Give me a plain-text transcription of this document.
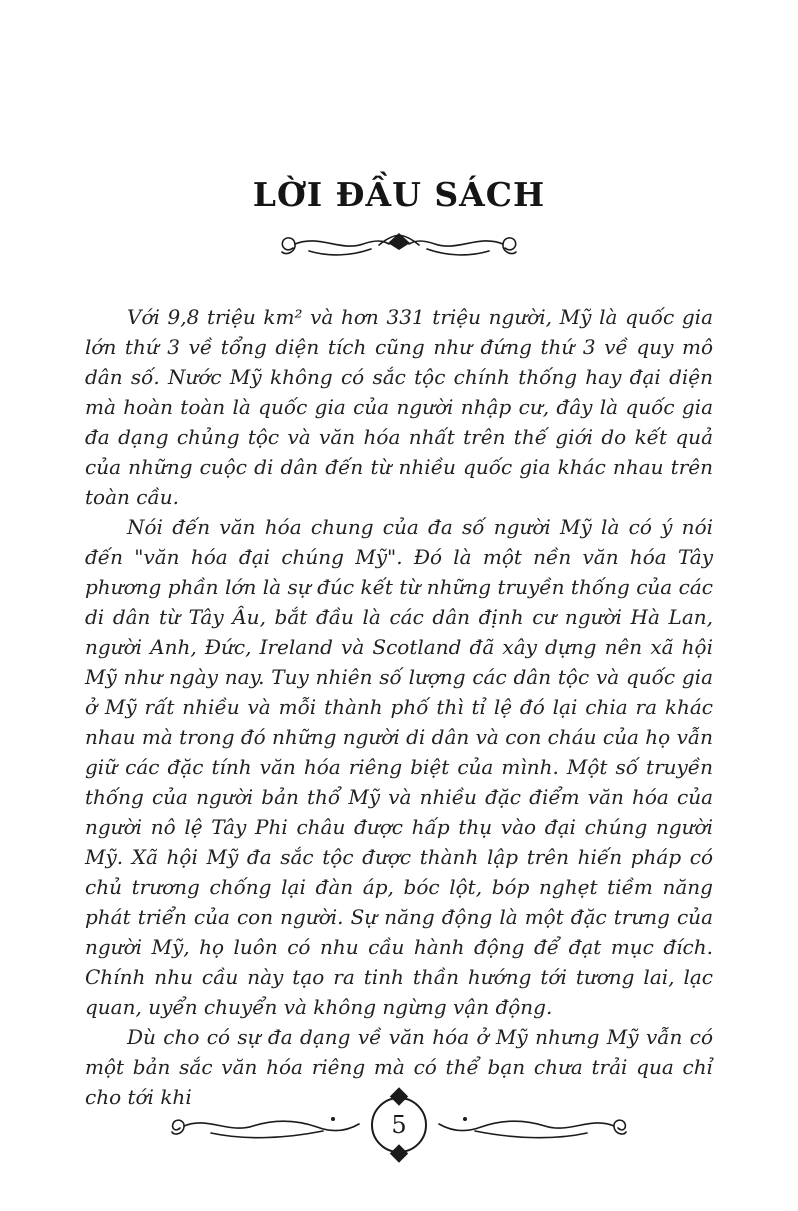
LỜI ĐẦU SÁCH

Với 9,8 triệu km² và hơn 331 triệu người, Mỹ là quốc gia lớn thứ 3 về tổng diện tích cũng như đứng thứ 3 về quy mô dân số. Nước Mỹ không có sắc tộc chính thống hay đại diện mà hoàn toàn là quốc gia của người nhập cư, đây là quốc gia đa dạng chủng tộc và văn hóa nhất trên thế giới do kết quả của những cuộc di dân đến từ nhiều quốc gia khác nhau trên toàn cầu.

Nói đến văn hóa chung của đa số người Mỹ là có ý nói đến "văn hóa đại chúng Mỹ". Đó là một nền văn hóa Tây phương phần lớn là sự đúc kết từ những truyền thống của các di dân từ Tây Âu, bắt đầu là các dân định cư người Hà Lan, người Anh, Đức, Ireland và Scotland đã xây dựng nên xã hội Mỹ như ngày nay. Tuy nhiên số lượng các dân tộc và quốc gia ở Mỹ rất nhiều và mỗi thành phố thì tỉ lệ đó lại chia ra khác nhau mà trong đó những người di dân và con cháu của họ vẫn giữ các đặc tính văn hóa riêng biệt của mình. Một số truyền thống của người bản thổ Mỹ và nhiều đặc điểm văn hóa của người nô lệ Tây Phi châu được hấp thụ vào đại chúng người Mỹ. Xã hội Mỹ đa sắc tộc được thành lập trên hiến pháp có chủ trương chống lại đàn áp, bóc lột, bóp nghẹt tiềm năng phát triển của con người. Sự năng động là một đặc trưng của người Mỹ, họ luôn có nhu cầu hành động để đạt mục đích. Chính nhu cầu này tạo ra tinh thần hướng tới tương lai, lạc quan, uyển chuyển và không ngừng vận động.

Dù cho có sự đa dạng về văn hóa ở Mỹ nhưng Mỹ vẫn có một bản sắc văn hóa riêng mà có thể bạn chưa trải qua chỉ cho tới khi

5
